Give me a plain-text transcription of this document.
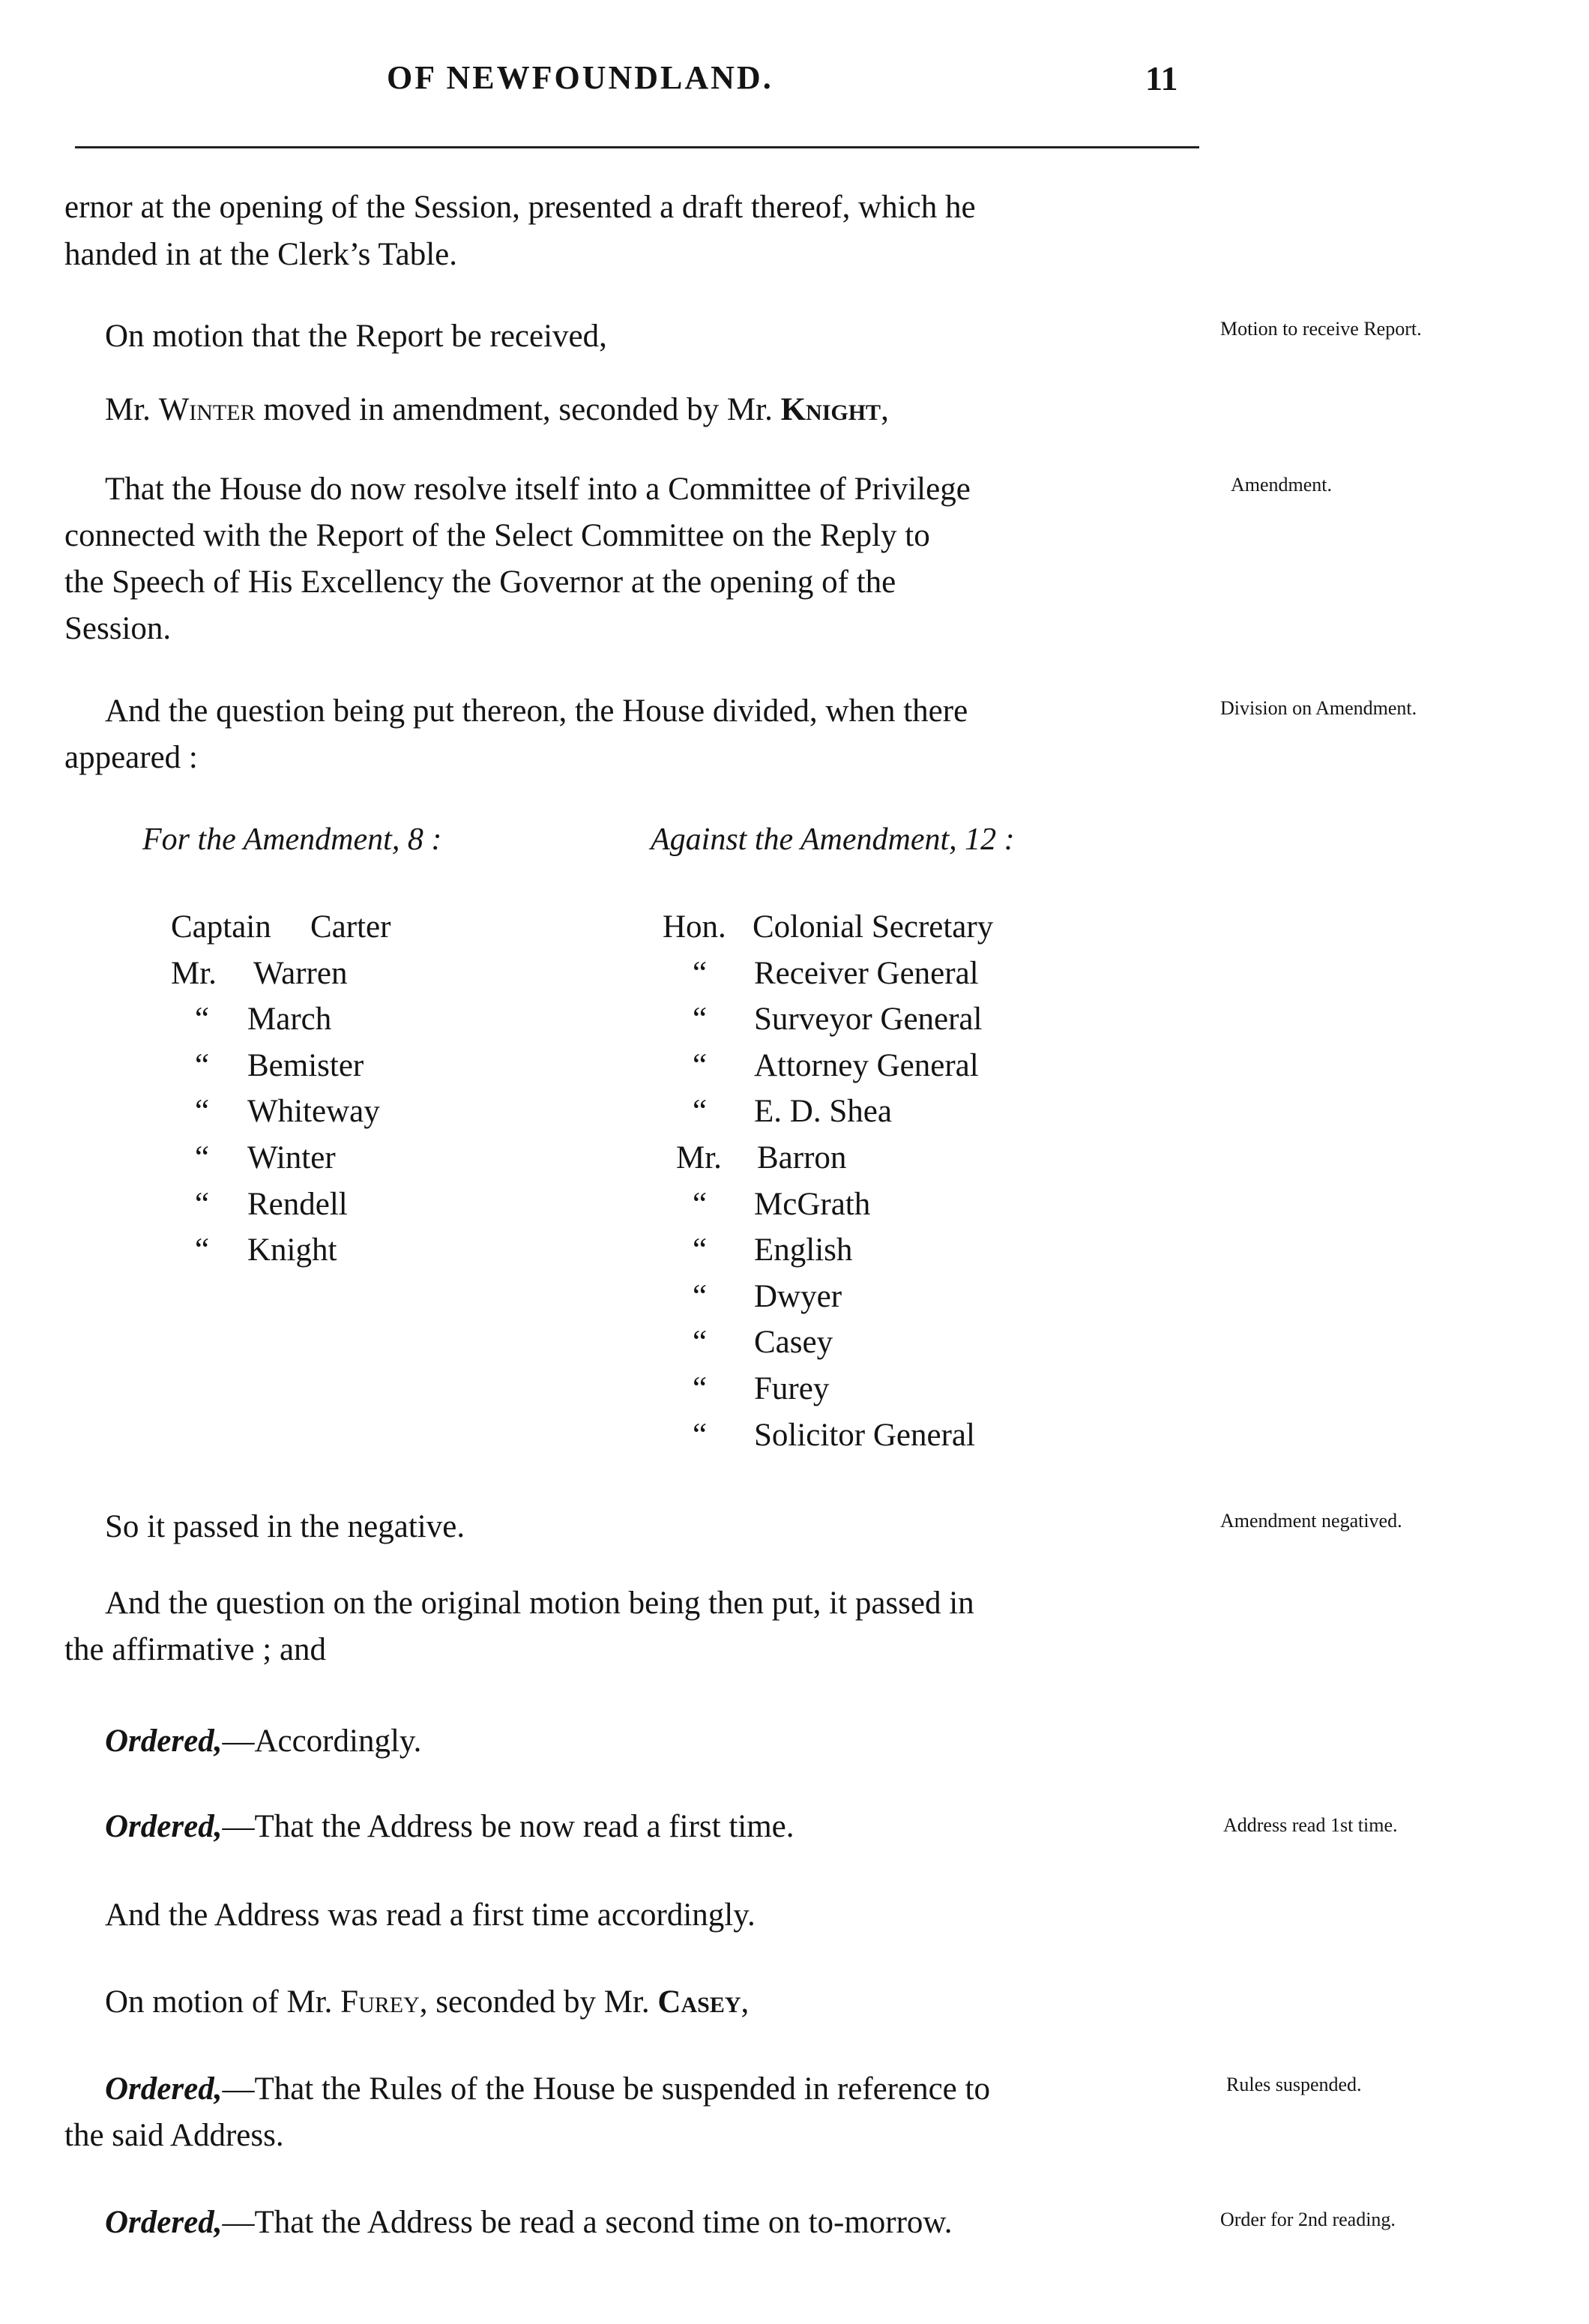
OF NEWFOUNDLAND.	11
ernor at the opening of the Session, presented a draft thereof, which he
handed in at the Clerk’s Table.
On motion that the Report be received,	Motion to receive Report.
Mr. Winter moved in amendment, seconded by Mr. Knight,
That the House do now resolve itself into a Committee of Privilege
connected with the Report of the Select Committee on the Reply to
the Speech of His Excellency the Governor at the opening of the
Session.
Amendment.
And the question being put thereon, the House divided, when there
appeared :
Division on Amendment.
For the Amendment, 8 :	Against the Amendment, 12 :
Captain Carter
Mr. Warren
“ March
“ Bemister
“ Whiteway
“ Winter
“ Rendell
“ Knight
Hon. Colonial Secretary
“ Receiver General
“ Surveyor General
“ Attorney General
“ E. D. Shea
Mr. Barron
“ McGrath
“ English
“ Dwyer
“ Casey
“ Furey
“ Solicitor General
So it passed in the negative.	Amendment negatived.
And the question on the original motion being then put, it passed in
the affirmative ; and
Ordered,—Accordingly.
Ordered,—That the Address be now read a first time.	Address read 1st time.
And the Address was read a first time accordingly.
On motion of Mr. Furey, seconded by Mr. Casey,
Ordered,—That the Rules of the House be suspended in reference to
the said Address.
Rules suspended.
Ordered,—That the Address be read a second time on to-morrow.	Order for 2nd reading.
